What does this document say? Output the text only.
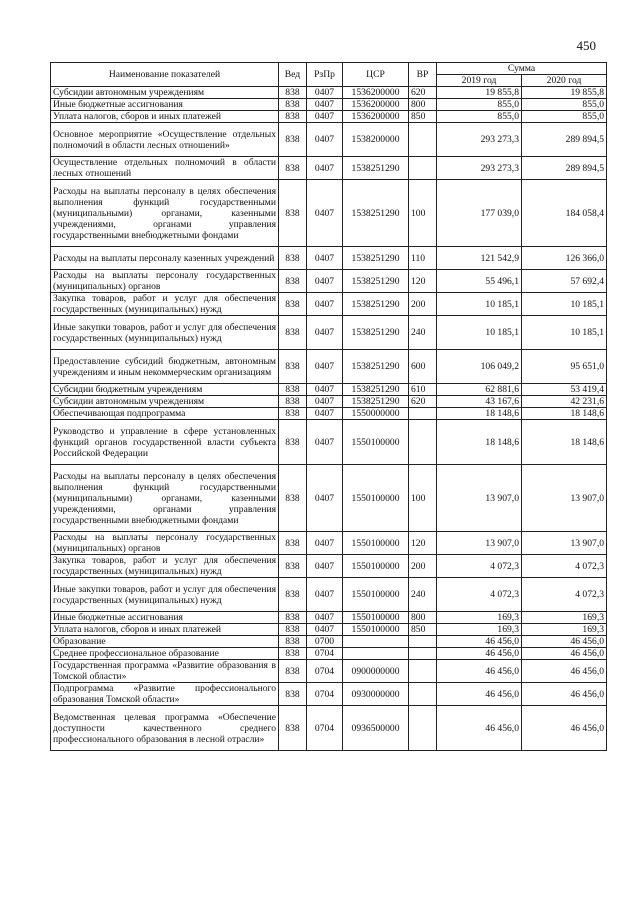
450
Наименование показателей	Вед	РзПр	ЦСР	ВР	Сумма	
					2019 год	2020 год
Субсидии автономным учреждениям	838	0407	1536200000	620	19 855,8	19 855,8
Иные бюджетные ассигнования	838	0407	1536200000	800	855,0	855,0
Уплата налогов, сборов и иных платежей	838	0407	1536200000	850	855,0	855,0
Основное мероприятие «Осуществление отдельных полномочий в области лесных отношений»	838	0407	1538200000		293 273,3	289 894,5
Осуществление отдельных полномочий в области лесных отношений	838	0407	1538251290		293 273,3	289 894,5
Расходы на выплаты персоналу в целях обеспечения выполнения функций государственными (муниципальными) органами, казенными учреждениями, органами управления государственными внебюджетными фондами	838	0407	1538251290	100	177 039,0	184 058,4
Расходы на выплаты персоналу казенных учреждений	838	0407	1538251290	110	121 542,9	126 366,0
Расходы на выплаты персоналу государственных (муниципальных) органов	838	0407	1538251290	120	55 496,1	57 692,4
Закупка товаров, работ и услуг для обеспечения государственных (муниципальных) нужд	838	0407	1538251290	200	10 185,1	10 185,1
Иные закупки товаров, работ и услуг для обеспечения государственных (муниципальных) нужд	838	0407	1538251290	240	10 185,1	10 185,1
Предоставление субсидий бюджетным, автономным учреждениям и иным некоммерческим организациям	838	0407	1538251290	600	106 049,2	95 651,0
Субсидии бюджетным учреждениям	838	0407	1538251290	610	62 881,6	53 419,4
Субсидии автономным учреждениям	838	0407	1538251290	620	43 167,6	42 231,6
Обеспечивающая подпрограмма	838	0407	1550000000		18 148,6	18 148,6
Руководство и управление в сфере установленных функций органов государственной власти субъекта Российской Федерации	838	0407	1550100000		18 148,6	18 148,6
Расходы на выплаты персоналу в целях обеспечения выполнения функций государственными (муниципальными) органами, казенными учреждениями, органами управления государственными внебюджетными фондами	838	0407	1550100000	100	13 907,0	13 907,0
Расходы на выплаты персоналу государственных (муниципальных) органов	838	0407	1550100000	120	13 907,0	13 907,0
Закупка товаров, работ и услуг для обеспечения государственных (муниципальных) нужд	838	0407	1550100000	200	4 072,3	4 072,3
Иные закупки товаров, работ и услуг для обеспечения государственных (муниципальных) нужд	838	0407	1550100000	240	4 072,3	4 072,3
Иные бюджетные ассигнования	838	0407	1550100000	800	169,3	169,3
Уплата налогов, сборов и иных платежей	838	0407	1550100000	850	169,3	169,3
Образование	838	0700			46 456,0	46 456,0
Среднее профессиональное образование	838	0704			46 456,0	46 456,0
Государственная программа «Развитие образования в Томской области»	838	0704	0900000000		46 456,0	46 456,0
Подпрограмма «Развитие профессионального образования Томской области»	838	0704	0930000000		46 456,0	46 456,0
Ведомственная целевая программа «Обеспечение доступности качественного среднего профессионального образования в лесной отрасли»	838	0704	0936500000		46 456,0	46 456,0
